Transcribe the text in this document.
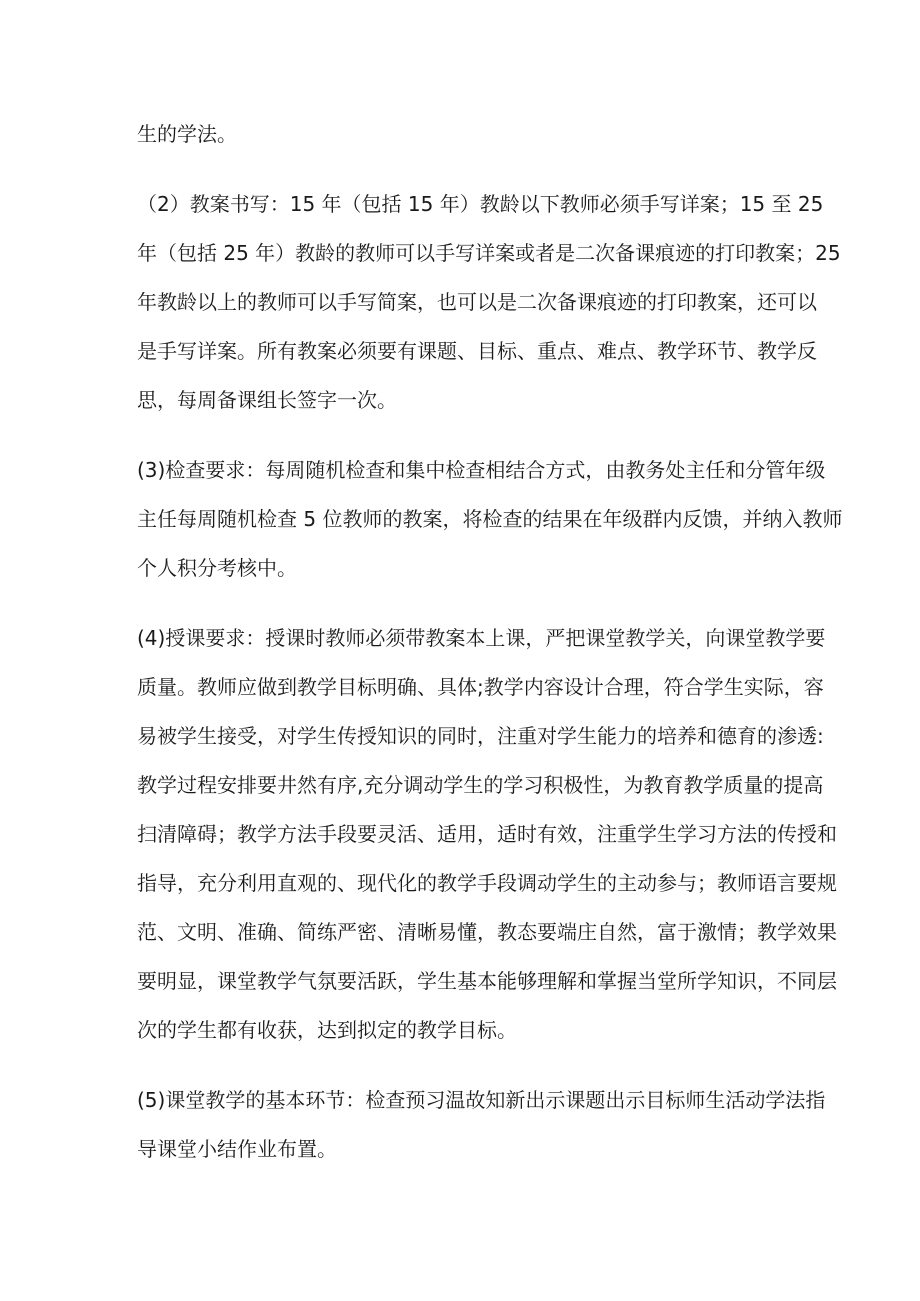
生的学法。
（2）教案书写：15 年（包括 15 年）教龄以下教师必须手写详案；15 至 25
年（包括 25 年）教龄的教师可以手写详案或者是二次备课痕迹的打印教案；25
年教龄以上的教师可以手写简案，也可以是二次备课痕迹的打印教案，还可以
是手写详案。所有教案必须要有课题、目标、重点、难点、教学环节、教学反
思，每周备课组长签字一次。
(3)检查要求：每周随机检查和集中检查相结合方式，由教务处主任和分管年级
主任每周随机检查 5 位教师的教案，将检查的结果在年级群内反馈，并纳入教师
个人积分考核中。
(4)授课要求：授课时教师必须带教案本上课，严把课堂教学关，向课堂教学要
质量。教师应做到教学目标明确、具体;教学内容设计合理，符合学生实际，容
易被学生接受，对学生传授知识的同时，注重对学生能力的培养和德育的渗透:
教学过程安排要井然有序,充分调动学生的学习积极性，为教育教学质量的提高
扫清障碍；教学方法手段要灵活、适用，适时有效，注重学生学习方法的传授和
指导，充分利用直观的、现代化的教学手段调动学生的主动参与；教师语言要规
范、文明、准确、简练严密、清晰易懂，教态要端庄自然，富于激情；教学效果
要明显，课堂教学气氛要活跃，学生基本能够理解和掌握当堂所学知识，不同层
次的学生都有收获，达到拟定的教学目标。
(5)课堂教学的基本环节：检查预习温故知新出示课题出示目标师生活动学法指
导课堂小结作业布置。
